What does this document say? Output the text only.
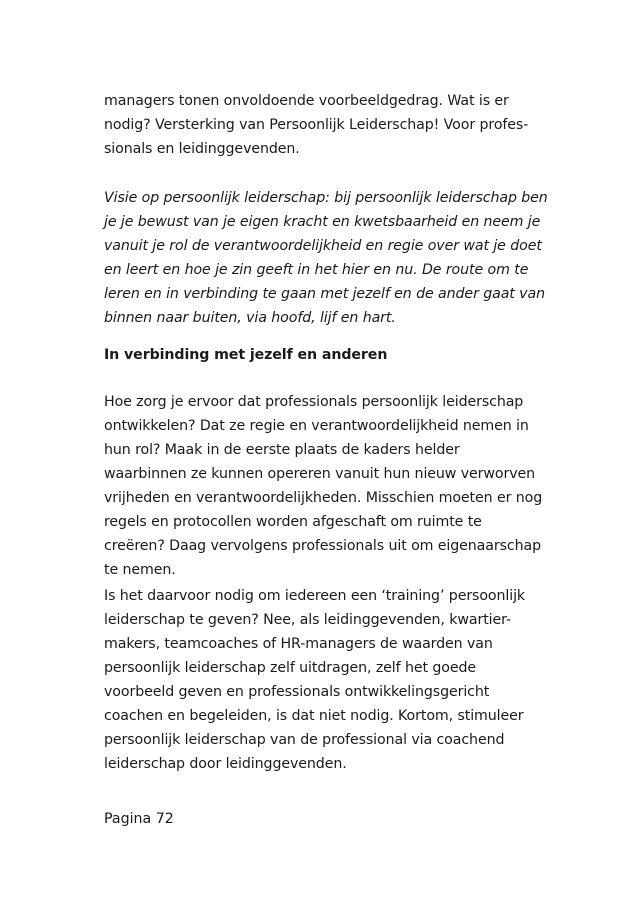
managers tonen onvoldoende voorbeeldgedrag. Wat is er
nodig? Versterking van Persoonlijk Leiderschap! Voor profes-
sionals en leidinggevenden.

Visie op persoonlijk leiderschap: bij persoonlijk leiderschap ben
je je bewust van je eigen kracht en kwetsbaarheid en neem je
vanuit je rol de verantwoordelijkheid en regie over wat je doet
en leert en hoe je zin geeft in het hier en nu. De route om te
leren en in verbinding te gaan met jezelf en de ander gaat van
binnen naar buiten, via hoofd, lijf en hart.

In verbinding met jezelf en anderen

Hoe zorg je ervoor dat professionals persoonlijk leiderschap
ontwikkelen? Dat ze regie en verantwoordelijkheid nemen in
hun rol? Maak in de eerste plaats de kaders helder
waarbinnen ze kunnen opereren vanuit hun nieuw verworven
vrijheden en verantwoordelijkheden. Misschien moeten er nog
regels en protocollen worden afgeschaft om ruimte te
creëren? Daag vervolgens professionals uit om eigenaarschap
te nemen.

Is het daarvoor nodig om iedereen een ‘training’ persoonlijk
leiderschap te geven? Nee, als leidinggevenden, kwartier-
makers, teamcoaches of HR-managers de waarden van
persoonlijk leiderschap zelf uitdragen, zelf het goede
voorbeeld geven en professionals ontwikkelingsgericht
coachen en begeleiden, is dat niet nodig. Kortom, stimuleer
persoonlijk leiderschap van de professional via coachend
leiderschap door leidinggevenden.

Pagina 72
